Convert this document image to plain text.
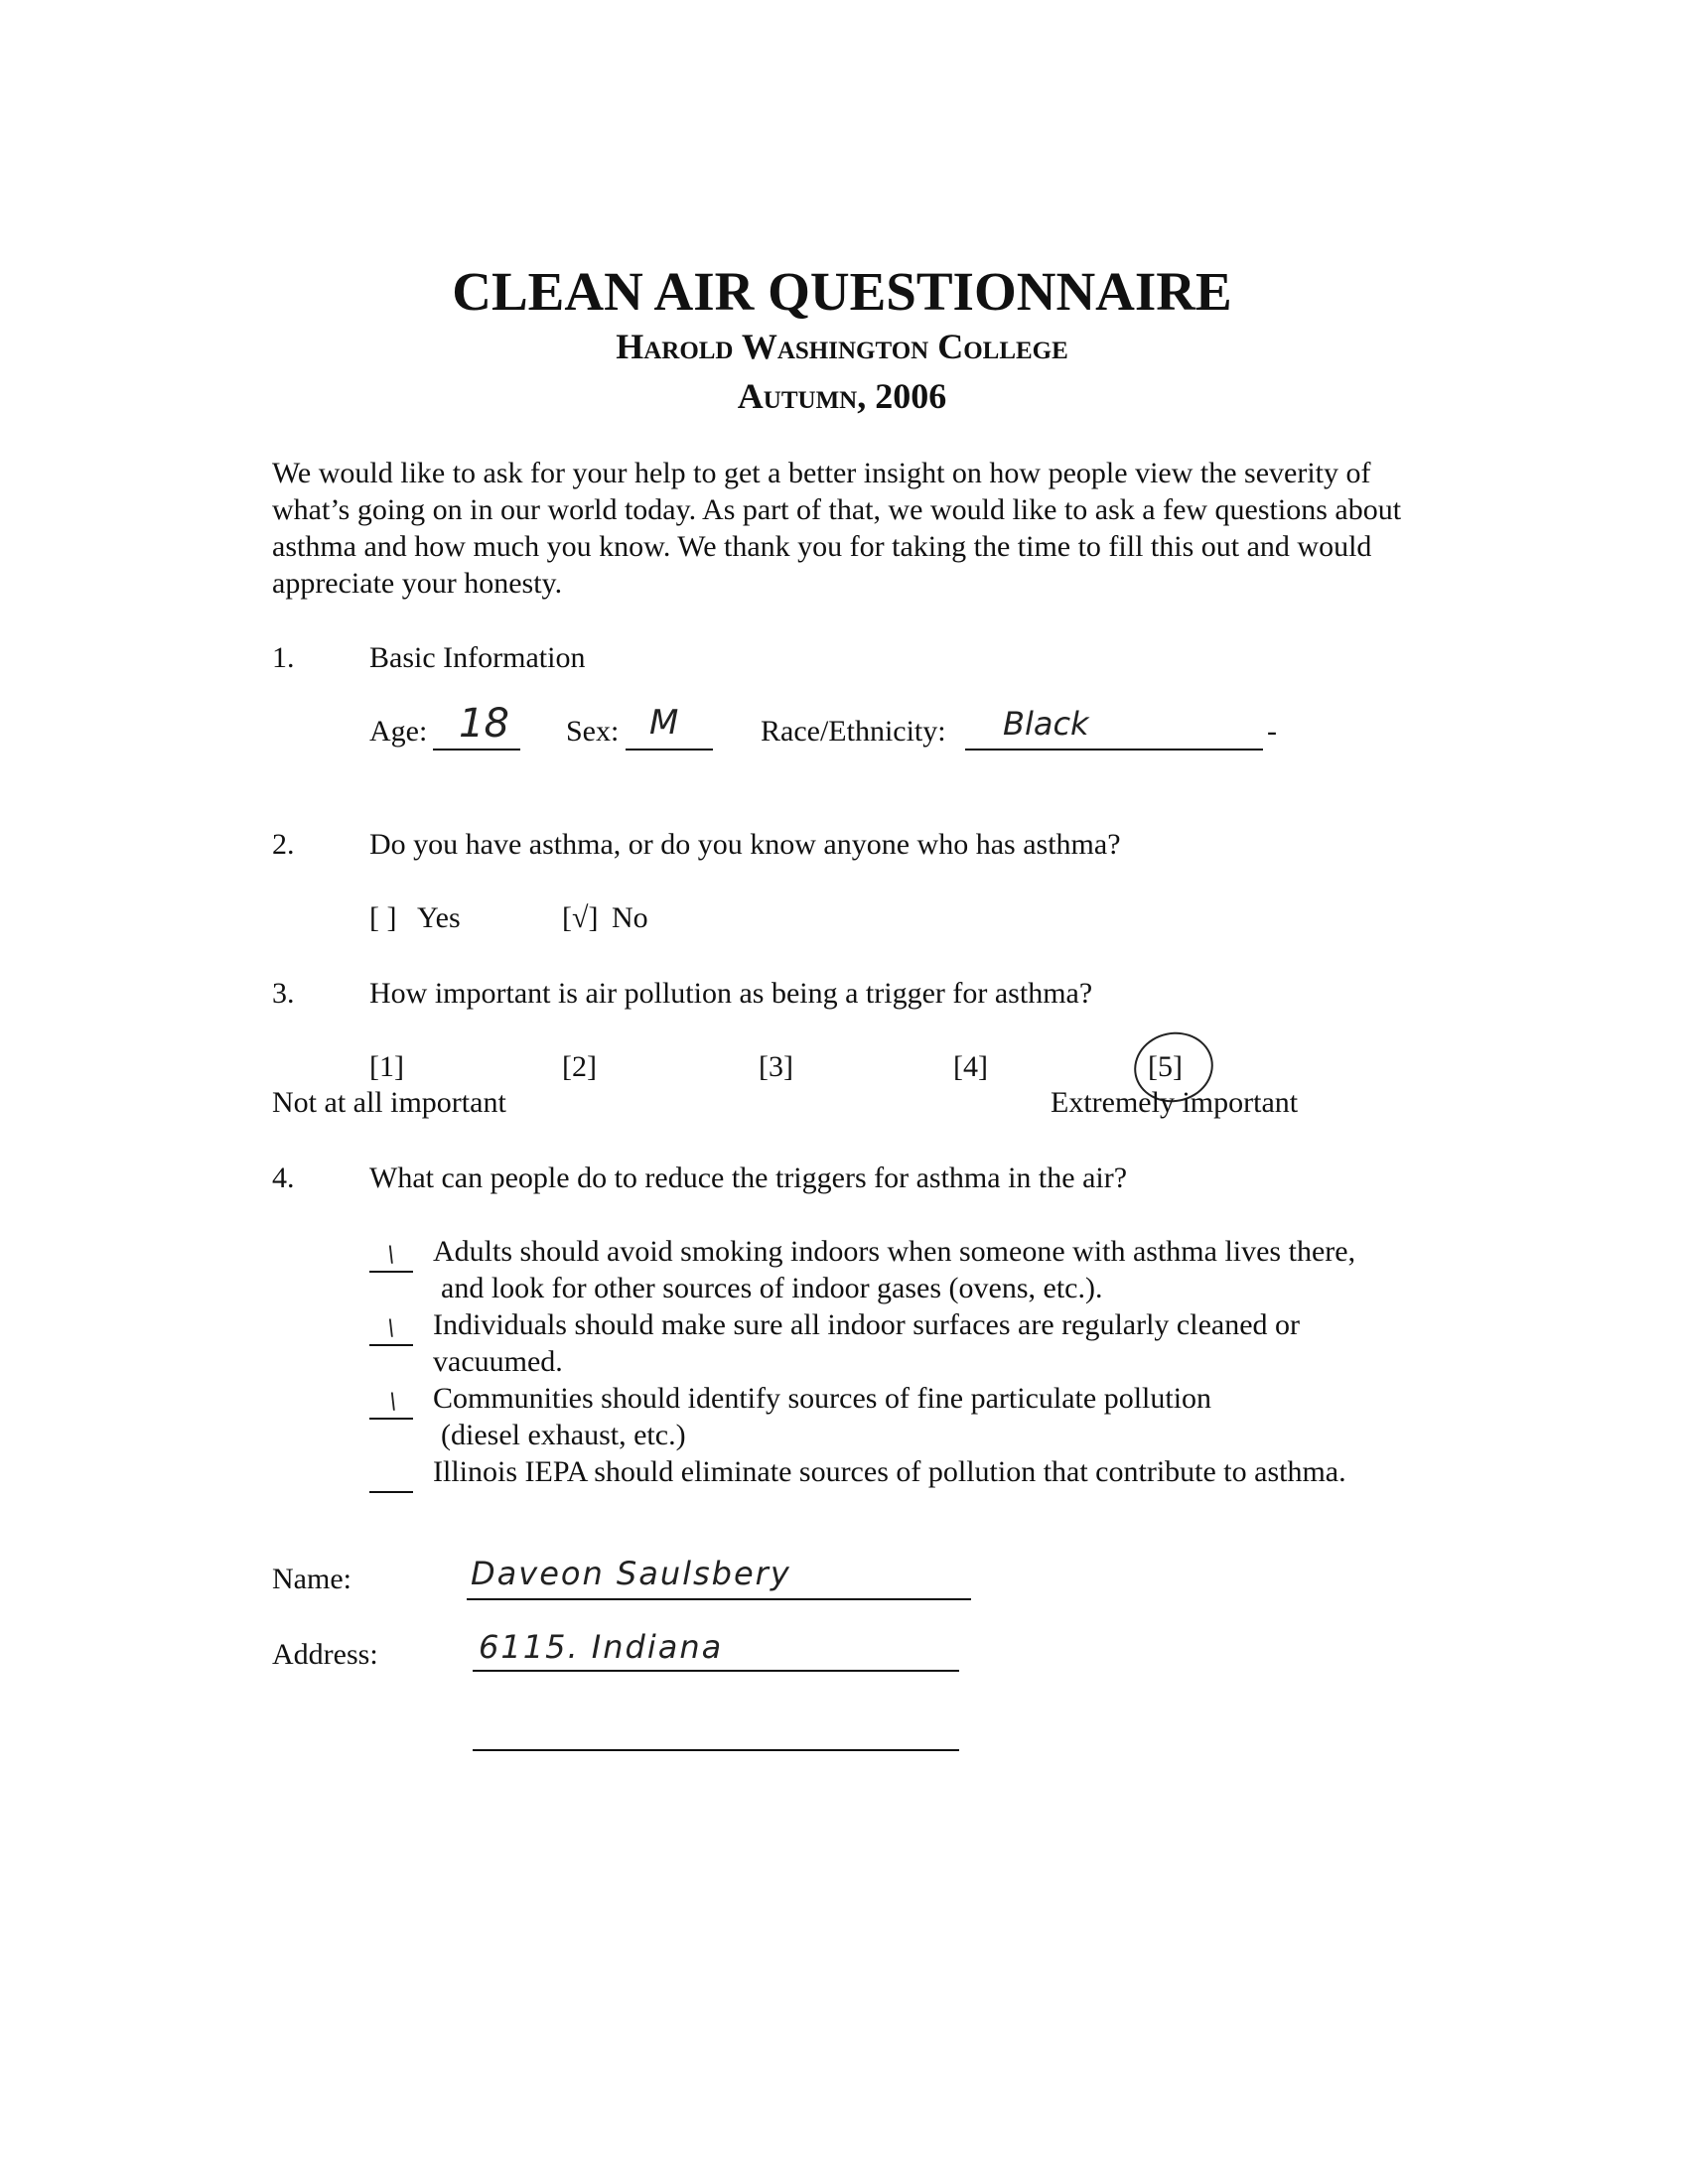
CLEAN AIR QUESTIONNAIRE
Harold Washington College
Autumn, 2006
We would like to ask for your help to get a better insight on how people view the severity of what’s going on in our world today. As part of that, we would like to ask a few questions about asthma and how much you know. We thank you for taking the time to fill this out and would appreciate your honesty.
1.	Basic Information
Age: 18 Sex: M	Race/Ethnicity: Black	-
2.	Do you have asthma, or do you know anyone who has asthma?
[ ] Yes	[√] No
3.	How important is air pollution as being a trigger for asthma?
[1]	[2]	[3]	[4]	[5]
Not at all important	Extremely important
4.	What can people do to reduce the triggers for asthma in the air?
\ Adults should avoid smoking indoors when someone with asthma lives there,
and look for other sources of indoor gases (ovens, etc.).
\ Individuals should make sure all indoor surfaces are regularly cleaned or
vacuumed.
\ Communities should identify sources of fine particulate pollution
(diesel exhaust, etc.)
Illinois IEPA should eliminate sources of pollution that contribute to asthma.
Name:	Daveon Saulsbery
Address:	6115. Indiana
